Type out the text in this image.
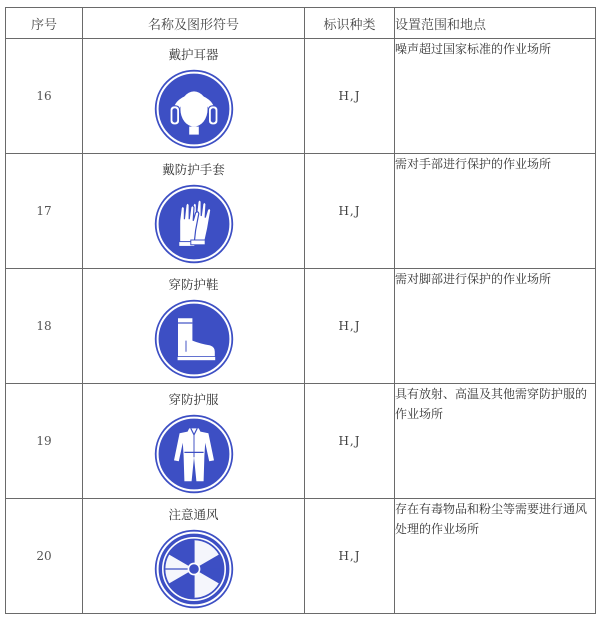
序号	名称及图形符号	标识种类	设置范围和地点
16	戴护耳器	H,J	噪声超过国家标准的作业场所
17	戴防护手套	H,J	需对手部进行保护的作业场所
18	穿防护鞋	H,J	需对脚部进行保护的作业场所
19	穿防护服	H,J	具有放射、高温及其他需穿防护服的作业场所
20	注意通风	H,J	存在有毒物品和粉尘等需要进行通风处理的作业场所
